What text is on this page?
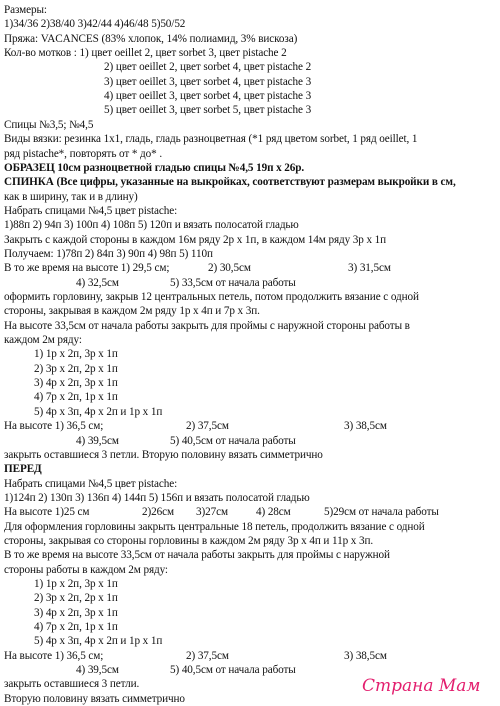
Размеры:
1)34/36 2)38/40 3)42/44 4)46/48 5)50/52
Пряжа: VACANCES (83% хлопок, 14% полиамид, 3% вискоза)
Кол-во мотков : 1) цвет oeillet 2, цвет sorbet 3, цвет pistache 2
2) цвет oeillet 2, цвет sorbet 4, цвет pistache 2
3) цвет oeillet 3, цвет sorbet 4, цвет pistache 3
4) цвет oeillet 3, цвет sorbet 4, цвет pistache 3
5) цвет oeillet 3, цвет sorbet 5, цвет pistache 3
Спицы №3,5; №4,5
Виды вязки: резинка 1х1, гладь, гладь разноцветная (*1 ряд цветом sorbet, 1 ряд oeillet, 1
ряд pistache*, повторять от * до* .
ОБРАЗЕЦ 10см разноцветной гладью спицы №4,5 19п х 26р.
СПИНКА (Все цифры, указанные на выкройках, соответствуют размерам выкройки в см,
как в ширину, так и в длину)
Набрать спицами №4,5 цвет pistache:
1)88п 2) 94п 3) 100п 4) 108п 5) 120п и вязать полосатой гладью
Закрыть с каждой стороны в каждом 16м ряду 2р х 1п, в каждом 14м ряду 3р х 1п
Получаем: 1)78п 2) 84п 3) 90п 4) 98п 5) 110п
В то же время на высоте 1) 29,5 см;	2) 30,5см	3) 31,5см
4) 32,5см	5) 33,5см от начала работы
оформить горловину, закрыв 12 центральных петель, потом продолжить вязание с одной
стороны, закрывая в каждом 2м ряду 1р х 4п и 7р х 3п.
На высоте 33,5см от начала работы закрыть для проймы с наружной стороны работы в
каждом 2м ряду:
1) 1р х 2п, 3р х 1п
2) 3р х 2п, 2р х 1п
3) 4р х 2п, 3р х 1п
4) 7р х 2п, 1р х 1п
5) 4р х 3п, 4р х 2п и 1р х 1п
На высоте 1) 36,5 см;	2) 37,5см	3) 38,5см
4) 39,5см	5) 40,5см от начала работы
закрыть оставшиеся 3 петли. Вторую половину вязать симметрично
ПЕРЕД
Набрать спицами №4,5 цвет pistache:
1)124п 2) 130п 3) 136п 4) 144п 5) 156п и вязать полосатой гладью
На высоте 1)25 см	2)26см 3)27см	4) 28см	5)29см от начала работы
Для оформления горловины закрыть центральные 18 петель, продолжить вязание с одной
стороны, закрывая со стороны горловины в каждом 2м ряду 3р х 4п и 11р х 3п.
В то же время на высоте 33,5см от начала работы закрыть для проймы с наружной
стороны работы в каждом 2м ряду:
1) 1р х 2п, 3р х 1п
2) 3р х 2п, 2р х 1п
3) 4р х 2п, 3р х 1п
4) 7р х 2п, 1р х 1п
5) 4р х 3п, 4р х 2п и 1р х 1п
На высоте 1) 36,5 см;	2) 37,5см	3) 38,5см
4) 39,5см	5) 40,5см от начала работы
закрыть оставшиеся 3 петли.
Вторую половину вязать симметрично
Страна Мам
